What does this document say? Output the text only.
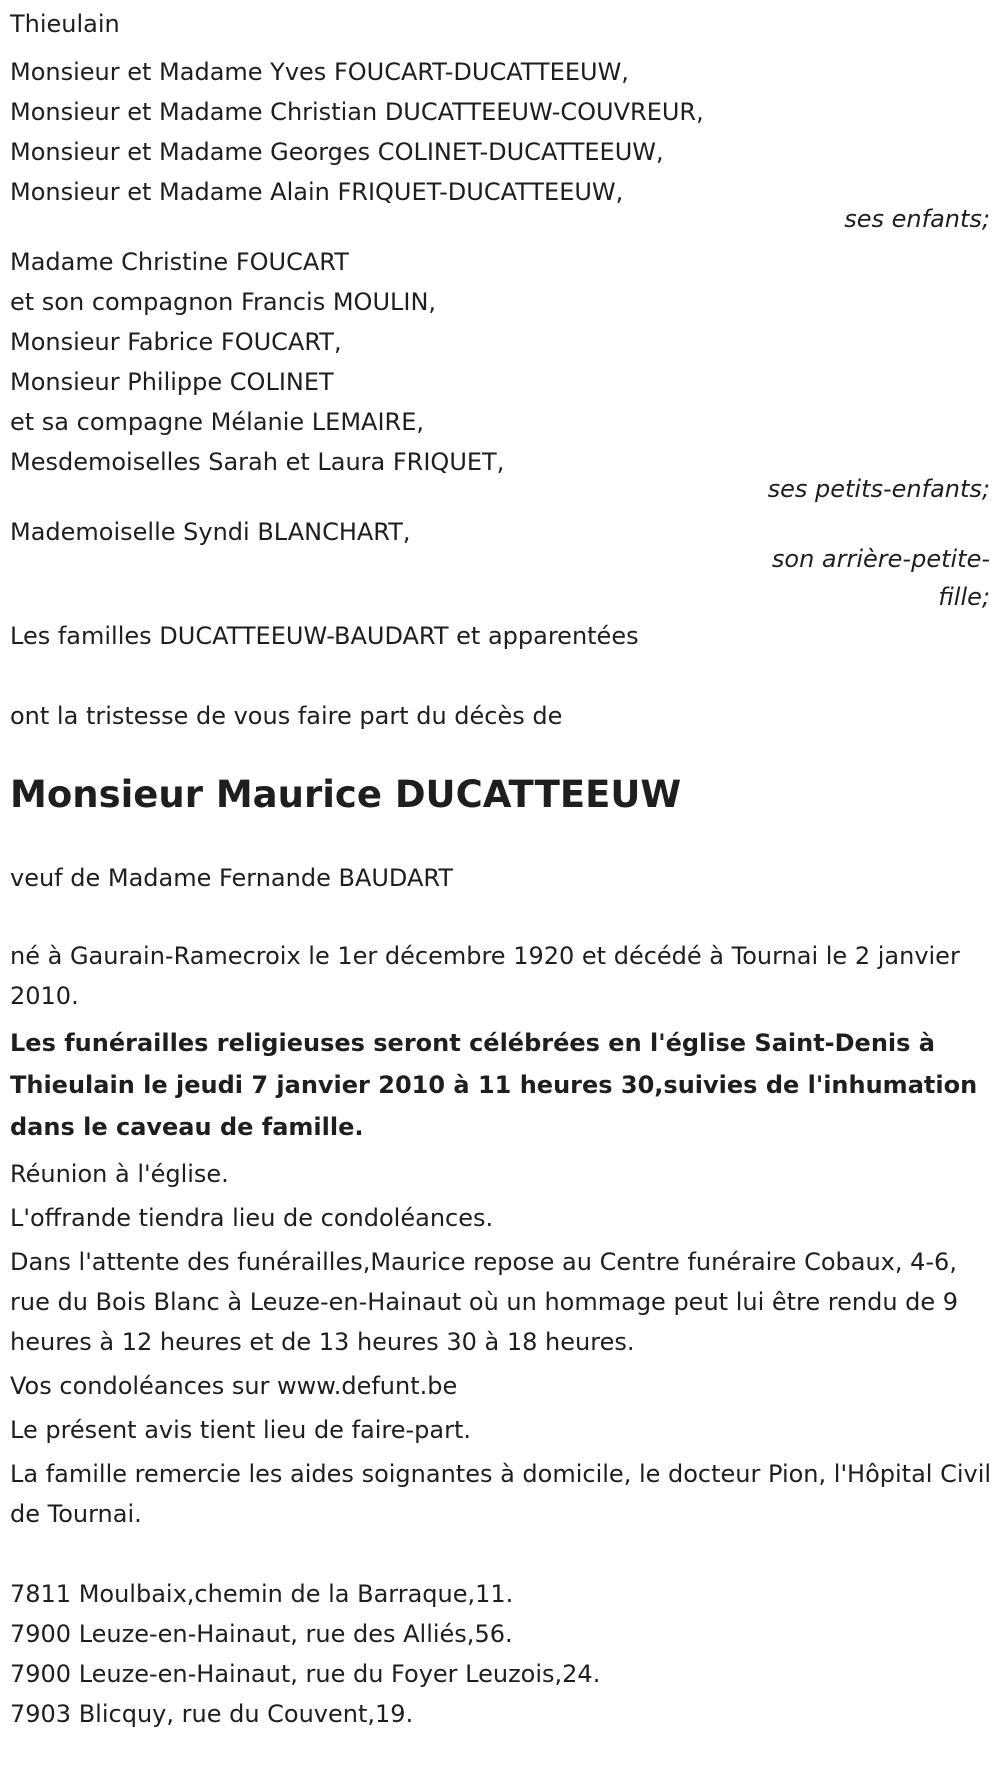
Thieulain
Monsieur et Madame Yves FOUCART-DUCATTEEUW,
Monsieur et Madame Christian DUCATTEEUW-COUVREUR,
Monsieur et Madame Georges COLINET-DUCATTEEUW,
Monsieur et Madame Alain FRIQUET-DUCATTEEUW,
ses enfants;
Madame Christine FOUCART
et son compagnon Francis MOULIN,
Monsieur Fabrice FOUCART,
Monsieur Philippe COLINET
et sa compagne Mélanie LEMAIRE,
Mesdemoiselles Sarah et Laura FRIQUET,
ses petits-enfants;
Mademoiselle Syndi BLANCHART,
son arrière-petite-
fille;
Les familles DUCATTEEUW-BAUDART et apparentées
ont la tristesse de vous faire part du décès de
Monsieur Maurice DUCATTEEUW
veuf de Madame Fernande BAUDART
né à Gaurain-Ramecroix le 1er décembre 1920 et décédé à Tournai le 2 janvier 2010.
Les funérailles religieuses seront célébrées en l'église Saint-Denis à Thieulain le jeudi 7 janvier 2010 à 11 heures 30,suivies de l'inhumation dans le caveau de famille.
Réunion à l'église.
L'offrande tiendra lieu de condoléances.
Dans l'attente des funérailles,Maurice repose au Centre funéraire Cobaux, 4-6, rue du Bois Blanc à Leuze-en-Hainaut où un hommage peut lui être rendu de 9 heures à 12 heures et de 13 heures 30 à 18 heures.
Vos condoléances sur www.defunt.be
Le présent avis tient lieu de faire-part.
La famille remercie les aides soignantes à domicile, le docteur Pion, l'Hôpital Civil de Tournai.
7811 Moulbaix,chemin de la Barraque,11.
7900 Leuze-en-Hainaut, rue des Alliés,56.
7900 Leuze-en-Hainaut, rue du Foyer Leuzois,24.
7903 Blicquy, rue du Couvent,19.
